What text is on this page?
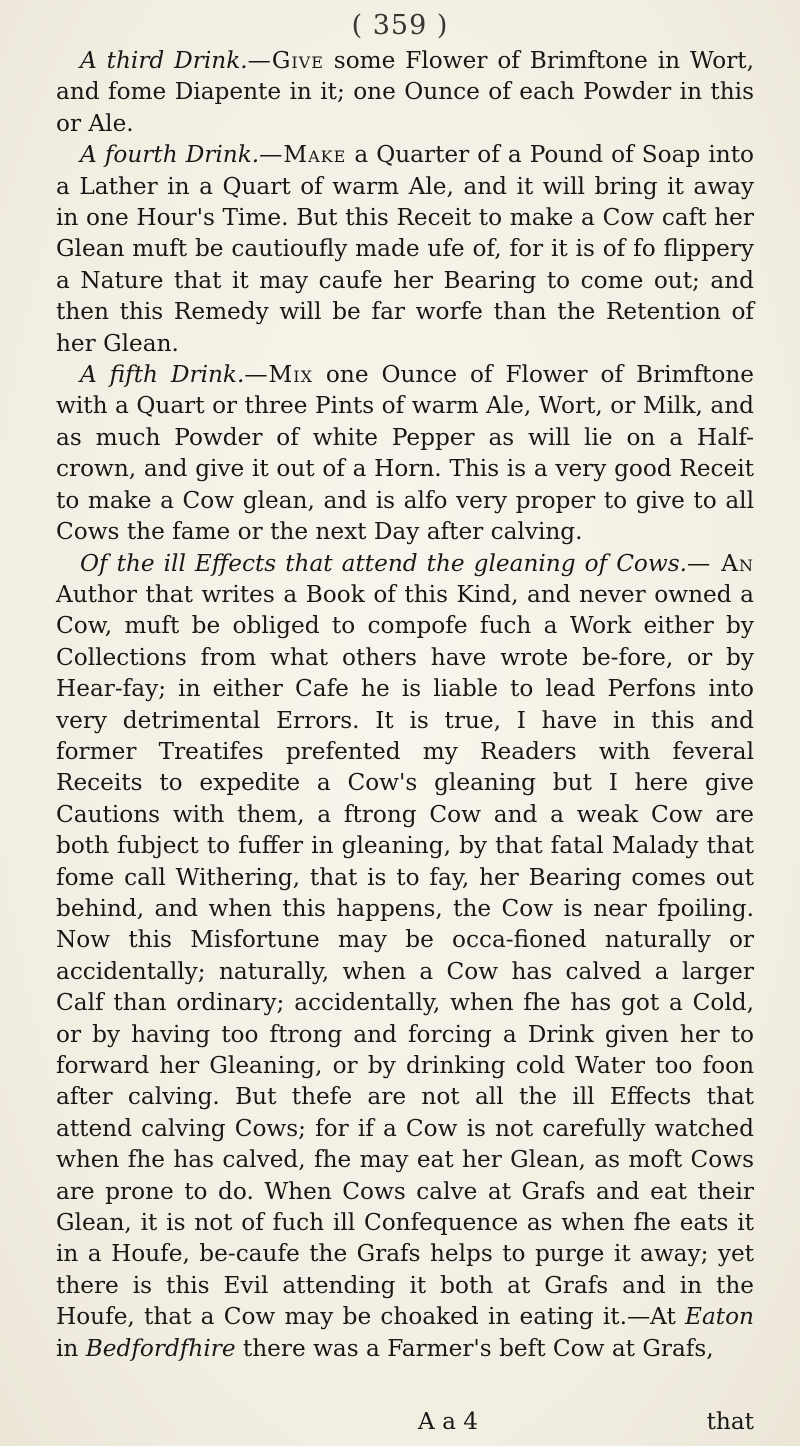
( 359 )

A third Drink.—Give some Flower of Brimftone in Wort, and fome Diapente in it; one Ounce of each Powder in this or Ale.

A fourth Drink.—Make a Quarter of a Pound of Soap into a Lather in a Quart of warm Ale, and it will bring it away in one Hour's Time. But this Receit to make a Cow caft her Glean muft be cautioufly made ufe of, for it is of fo flippery a Nature that it may caufe her Bearing to come out; and then this Remedy will be far worfe than the Retention of her Glean.

A fifth Drink.—Mix one Ounce of Flower of Brimftone with a Quart or three Pints of warm Ale, Wort, or Milk, and as much Powder of white Pepper as will lie on a Half-crown, and give it out of a Horn. This is a very good Receit to make a Cow glean, and is alfo very proper to give to all Cows the fame or the next Day after calving.

Of the ill Effects that attend the gleaning of Cows.— An Author that writes a Book of this Kind, and never owned a Cow, muft be obliged to compofe fuch a Work either by Collections from what others have wrote be-fore, or by Hear-fay; in either Cafe he is liable to lead Perfons into very detrimental Errors. It is true, I have in this and former Treatifes prefented my Readers with feveral Receits to expedite a Cow's gleaning but I here give Cautions with them, a ftrong Cow and a weak Cow are both fubject to fuffer in gleaning, by that fatal Malady that fome call Withering, that is to fay, her Bearing comes out behind, and when this happens, the Cow is near fpoiling. Now this Misfortune may be occa-fioned naturally or accidentally; naturally, when a Cow has calved a larger Calf than ordinary; accidentally, when fhe has got a Cold, or by having too ftrong and forcing a Drink given her to forward her Gleaning, or by drinking cold Water too foon after calving. But thefe are not all the ill Effects that attend calving Cows; for if a Cow is not carefully watched when fhe has calved, fhe may eat her Glean, as moft Cows are prone to do. When Cows calve at Grafs and eat their Glean, it is not of fuch ill Confequence as when fhe eats it in a Houfe, be-caufe the Grafs helps to purge it away; yet there is this Evil attending it both at Grafs and in the Houfe, that a Cow may be choaked in eating it.—At Eaton in Bedfordfhire there was a Farmer's beft Cow at Grafs,

A a 4	that
